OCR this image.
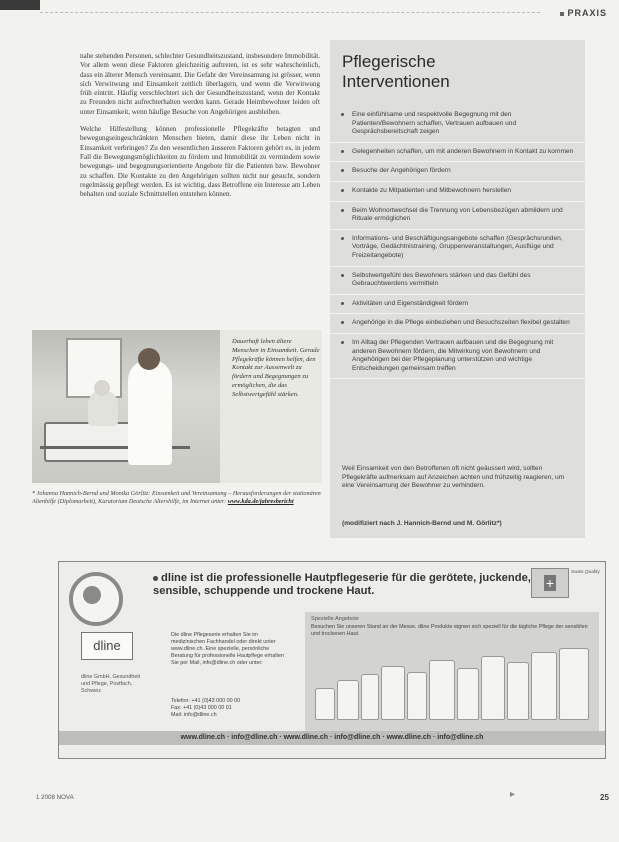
PRAXIS

nahe stehenden Personen, schlechter Gesundheitszustand, insbesondere Immobilität. Vor allem wenn diese Faktoren gleichzeitig auftreten, ist es sehr wahrscheinlich, dass ein älterer Mensch vereinsamt. Die Gefahr der Vereinsamung ist grösser, wenn sich Verwitwung und Einsamkeit zeitlich überlagern, und wenn die Verwitwung früh eintritt. Häufig verschlechtert sich der Gesundheitszustand, wenn der Kontakt zu Freunden nicht aufrechterhalten werden kann. Gerade Heimbewohner leiden oft unter Einsamkeit, wenn häufige Besuche von Angehörigen ausbleiben.

Welche Hilfestellung können professionelle Pflegekräfte betagten und bewegungseingeschränkten Menschen bieten, damit diese ihr Leben nicht in Einsamkeit verbringen? Zu den wesentlichen äusseren Faktoren gehört es, in jedem Fall die Bewegungsmöglichkeiten zu fördern und Immobilität zu vermindern sowie bewegungs- und begegnungsorientierte Angebote für die Patienten bzw. Bewohner zu schaffen. Die Kontakte zu den Angehörigen sollten nicht nur gesucht, sondern regelmässig gepflegt werden. Es ist wichtig, dass Betroffene ein Interesse am Leben behalten und soziale Schnittstellen entstehen können.

Dauerhaft leben ältere Menschen in Einsamkeit. Gerade Pflegekräfte können helfen, den Kontakt zur Aussenwelt zu fördern und Begegnungen zu ermöglichen, die das Selbstwertgefühl stärken.
* Johanna Hannich-Bernd und Monika Görlitz: Einsamkeit und Vereinsamung – Herausforderungen der stationären Altenhilfe (Diplomarbeit), Kuratorium Deutsche Altershilfe, im Internet unter: www.kda.de/jahresbericht
Pflegerische
Interventionen
Eine einfühlsame und respektvolle Begegnung mit den Patienten/Bewohnern schaffen, Vertrauen aufbauen und Gesprächsbereitschaft zeigen
Gelegenheiten schaffen, um mit anderen Bewohnern in Kontakt zu kommen
Besuche der Angehörigen fördern
Kontakte zu Mitpatienten und Mitbewohnern herstellen
Beim Wohnortwechsel die Trennung von Lebensbezügen abmildern und Rituale ermöglichen
Informations- und Beschäftigungsangebote schaffen (Gesprächsrunden, Vorträge, Gedächtnistraining, Gruppenveranstaltungen, Ausflüge und Freizeitangebote)
Selbstwertgefühl des Bewohners stärken und das Gefühl des Gebrauchtwerdens vermitteln
Aktivitäten und Eigenständigkeit fördern
Angehörige in die Pflege einbeziehen und Besuchszeiten flexibel gestalten
Im Alltag der Pflegenden Vertrauen aufbauen und die Begegnung mit anderen Bewohnern fördern, die Mitwirkung von Bewohnern und Angehörigen bei der Pflegeplanung unterstützen und wichtige Entscheidungen gemeinsam treffen
Weil Einsamkeit von den Betroffenen oft nicht geäussert wird, sollten Pflegekräfte aufmerksam auf Anzeichen achten und frühzeitig reagieren, um eine Vereinsamung der Bewohner zu verhindern.
(modifiziert nach J. Hannich-Bernd und M. Görlitz*)
dline
dline GmbH, Gesundheit und Pflege, Postfach, Schweiz
dline ist die professionelle Hautpflegeserie für die gerötete, juckende, sensible, schuppende und trockene Haut.	+
Swiss Quality
Die dline Pflegeserie erhalten Sie im medizinischen Fachhandel oder direkt unter www.dline.ch. Eine spezielle, persönliche Beratung für professionelle Hautpflege erhalten Sie per Mail, info@dline.ch oder unter:
Telefon: +41 (0)43 000 00 00
Fax: +41 (0)43 000 00 01
Mail: info@dline.ch
Spezielle Angebote
Besuchen Sie unseren Stand an der Messe. dline Produkte eignen sich speziell für die tägliche Pflege der sensiblen und trockenen Haut.
www.dline.ch · info@dline.ch · www.dline.ch · info@dline.ch · www.dline.ch · info@dline.ch
1 2008 NOVA	▸	25
